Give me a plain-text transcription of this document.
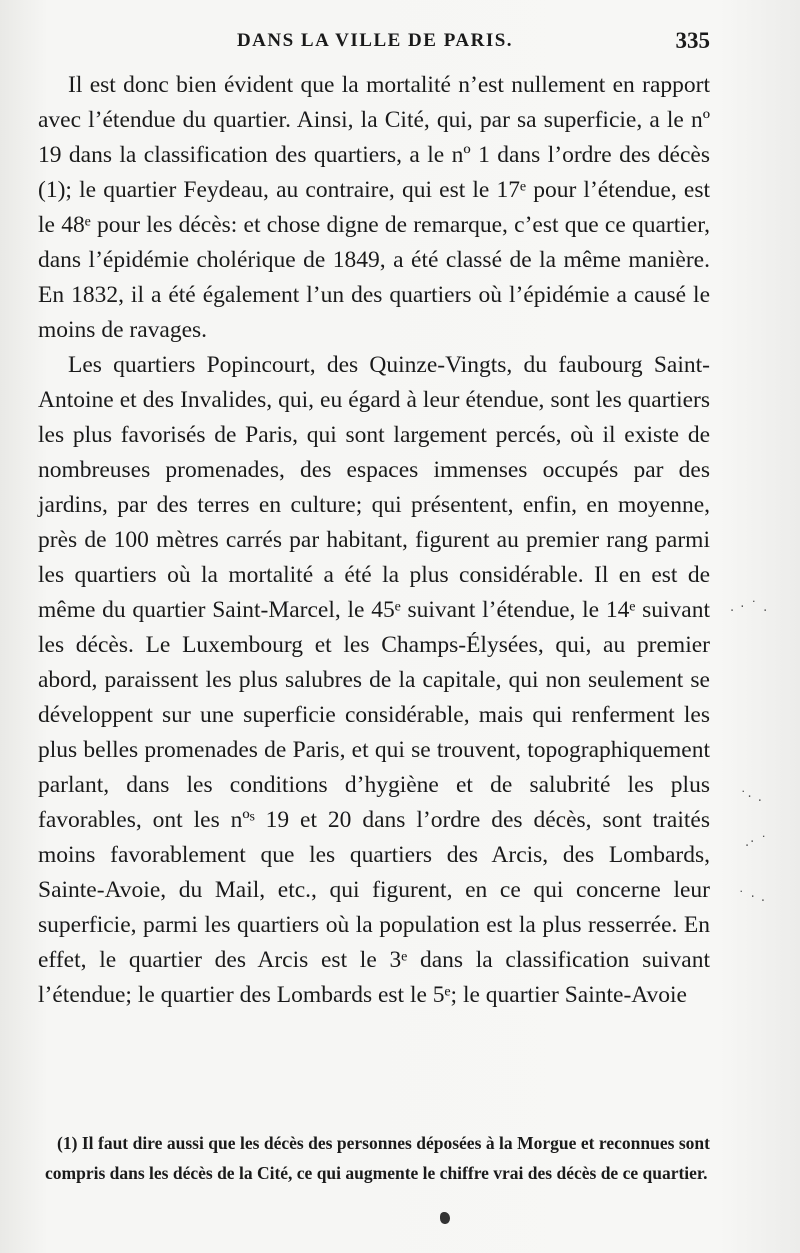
DANS LA VILLE DE PARIS.	335

Il est donc bien évident que la mortalité n’est nullement en rapport avec l’étendue du quartier. Ainsi, la Cité, qui, par sa superficie, a le nº 19 dans la classification des quartiers, a le nº 1 dans l’ordre des décès (1); le quartier Feydeau, au contraire, qui est le 17ᵉ pour l’étendue, est le 48ᵉ pour les décès: et chose digne de remarque, c’est que ce quartier, dans l’épidémie cholérique de 1849, a été classé de la même manière. En 1832, il a été également l’un des quartiers où l’épidémie a causé le moins de ravages.

Les quartiers Popincourt, des Quinze-Vingts, du faubourg Saint-Antoine et des Invalides, qui, eu égard à leur étendue, sont les quartiers les plus favorisés de Paris, qui sont largement percés, où il existe de nombreuses promenades, des espaces immenses occupés par des jardins, par des terres en culture; qui présentent, enfin, en moyenne, près de 100 mètres carrés par habitant, figurent au premier rang parmi les quartiers où la mortalité a été la plus considérable. Il en est de même du quartier Saint-Marcel, le 45ᵉ suivant l’étendue, le 14ᵉ suivant les décès. Le Luxembourg et les Champs-Élysées, qui, au premier abord, paraissent les plus salubres de la capitale, qui non seulement se développent sur une superficie considérable, mais qui renferment les plus belles promenades de Paris, et qui se trouvent, topographiquement parlant, dans les conditions d’hygiène et de salubrité les plus favorables, ont les nºˢ 19 et 20 dans l’ordre des décès, sont traités moins favorablement que les quartiers des Arcis, des Lombards, Sainte-Avoie, du Mail, etc., qui figurent, en ce qui concerne leur superficie, parmi les quartiers où la population est la plus resserrée. En effet, le quartier des Arcis est le 3ᵉ dans la classification suivant l’étendue; le quartier des Lombards est le 5ᵉ; le quartier Sainte-Avoie

(1) Il faut dire aussi que les décès des personnes déposées à la Morgue et reconnues sont compris dans les décès de la Cité, ce qui augmente le chiffre vrai des décès de ce quartier.
. · ˙ .
˙· .
.· ˙
˙ · .
